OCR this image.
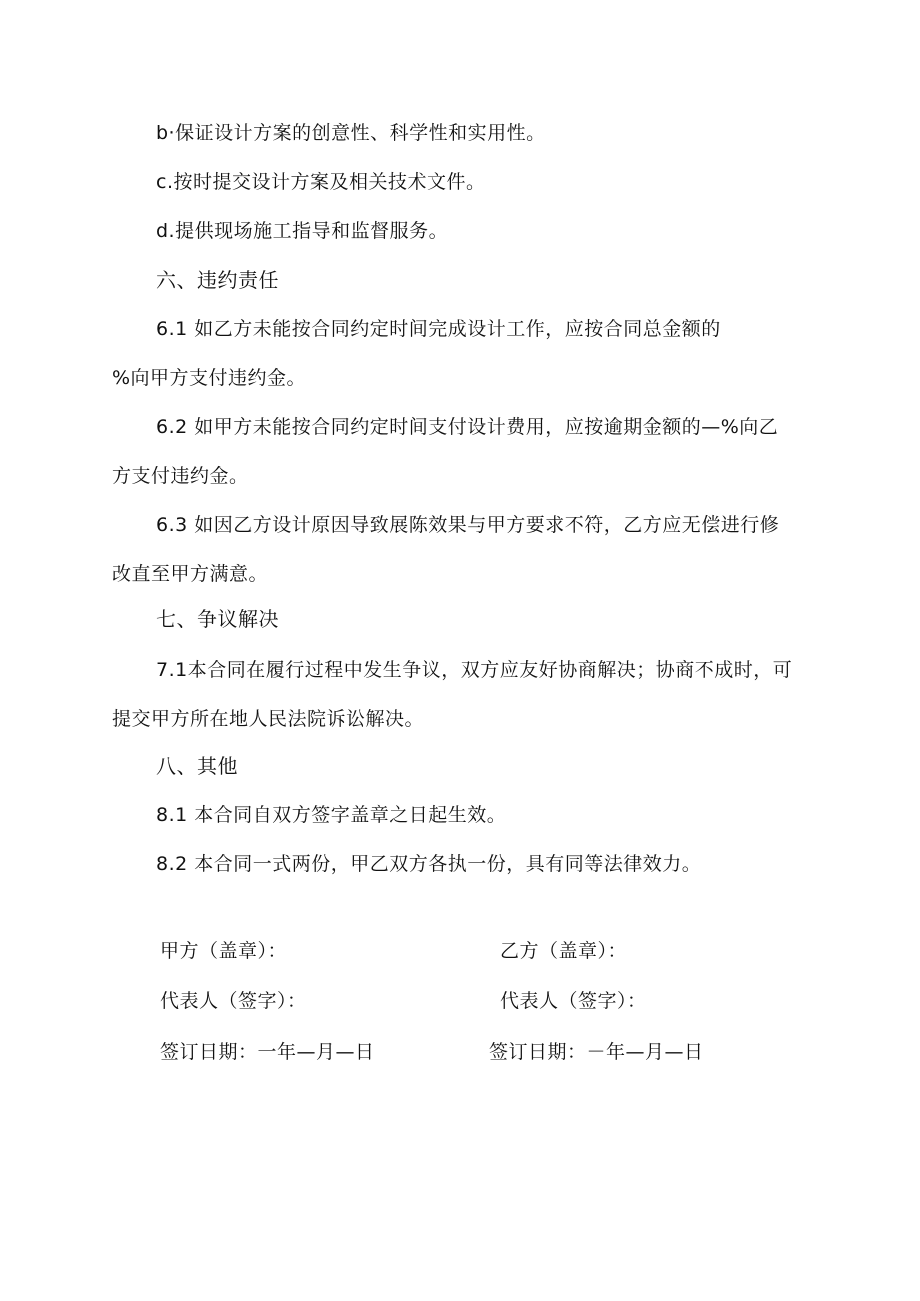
b·保证设计方案的创意性、科学性和实用性。
c.按时提交设计方案及相关技术文件。
d.提供现场施工指导和监督服务。
六、违约责任
6.1 如乙方未能按合同约定时间完成设计工作，应按合同总金额的
%向甲方支付违约金。
6.2 如甲方未能按合同约定时间支付设计费用，应按逾期金额的—%向乙
方支付违约金。
6.3 如因乙方设计原因导致展陈效果与甲方要求不符，乙方应无偿进行修
改直至甲方满意。
七、争议解决
7.1本合同在履行过程中发生争议，双方应友好协商解决；协商不成时，可
提交甲方所在地人民法院诉讼解决。
八、其他
8.1 本合同自双方签字盖章之日起生效。
8.2 本合同一式两份，甲乙双方各执一份，具有同等法律效力。
甲方（盖章）：	乙方（盖章）：
代表人（签字）：	代表人（签字）：
签订日期：一年—月—日	签订日期：－年—月—日
